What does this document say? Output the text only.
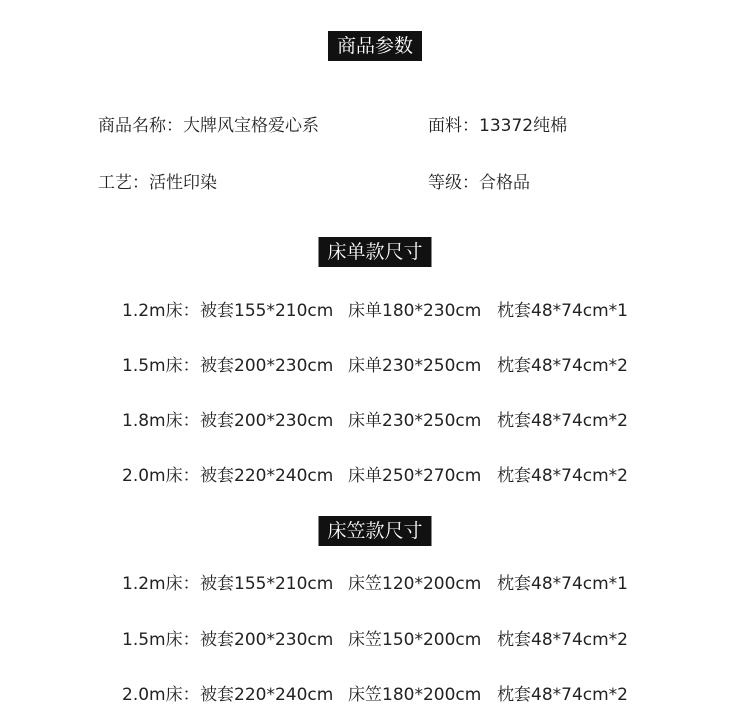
商品参数
商品名称：大牌风宝格爱心系	面料：13372纯棉
工艺：活性印染	等级：合格品
床单款尺寸
1.2m床： 被套155*210cm 床单180*230cm 枕套48*74cm*1
1.5m床： 被套200*230cm 床单230*250cm 枕套48*74cm*2
1.8m床： 被套200*230cm 床单230*250cm 枕套48*74cm*2
2.0m床： 被套220*240cm 床单250*270cm 枕套48*74cm*2
床笠款尺寸
1.2m床： 被套155*210cm 床笠120*200cm 枕套48*74cm*1
1.5m床： 被套200*230cm 床笠150*200cm 枕套48*74cm*2
2.0m床： 被套220*240cm 床笠180*200cm 枕套48*74cm*2
